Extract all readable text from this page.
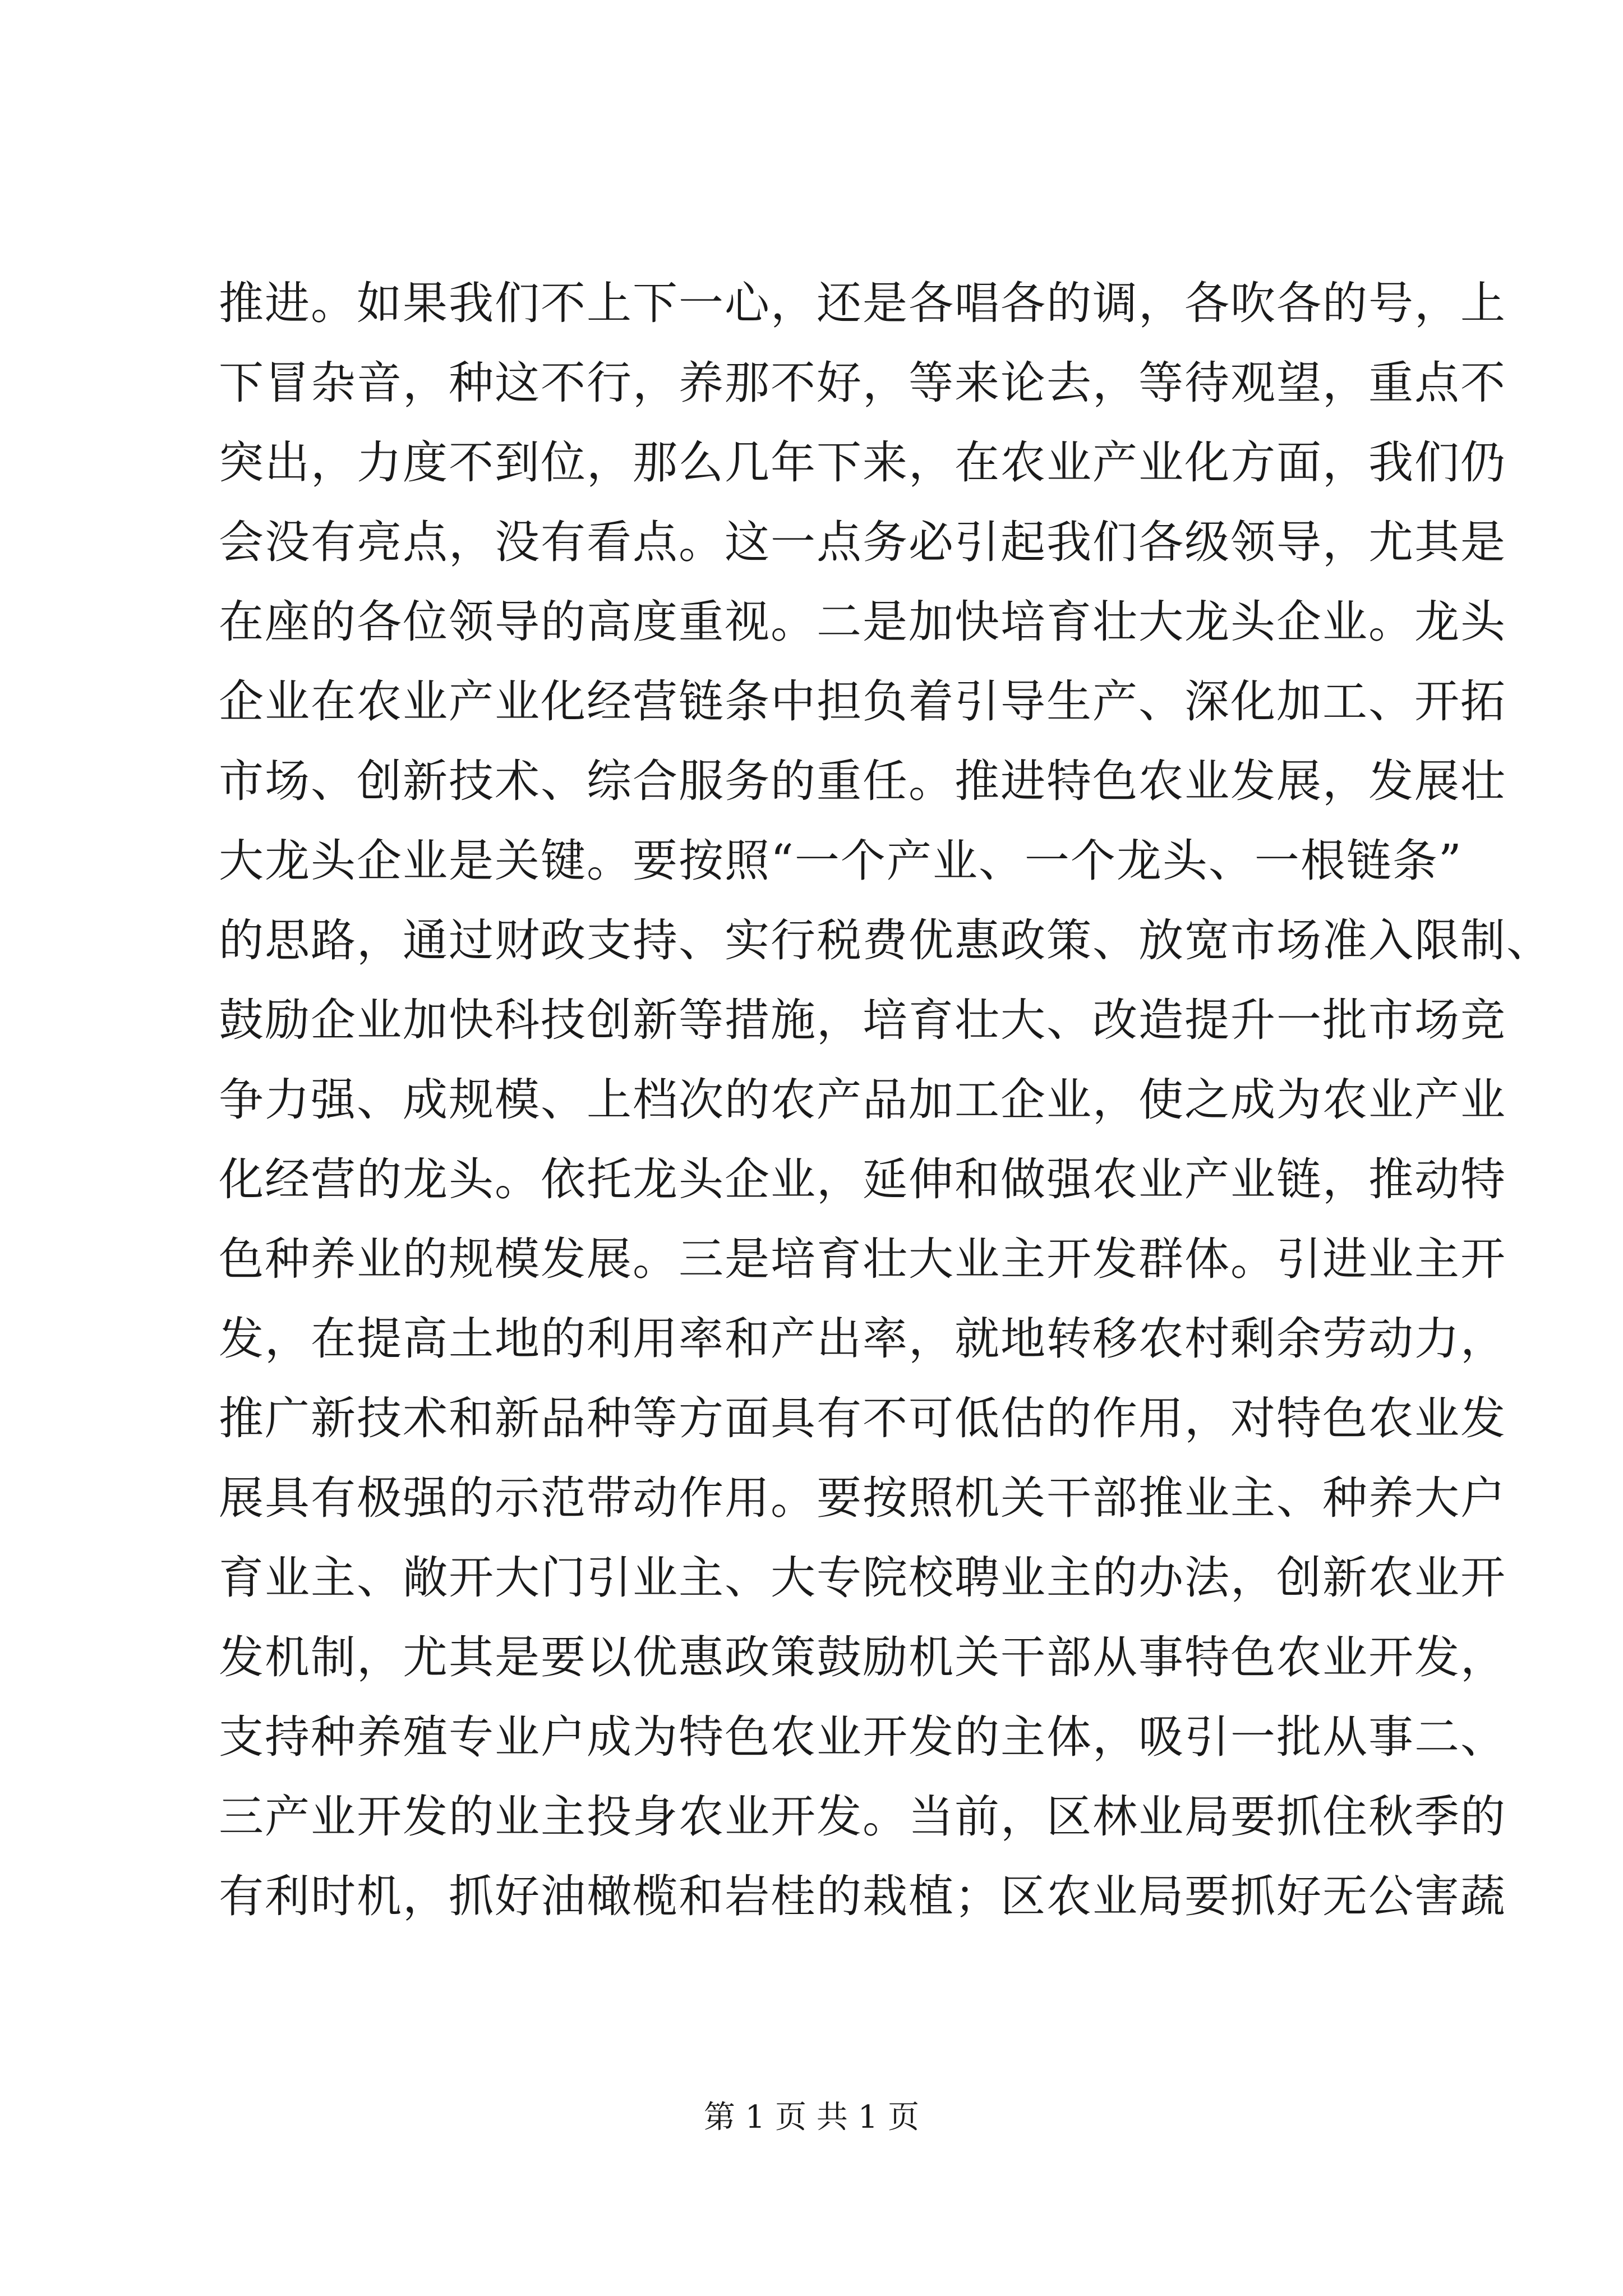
推进。如果我们不上下一心，还是各唱各的调，各吹各的号，上
下冒杂音，种这不行，养那不好，等来论去，等待观望，重点不
突出，力度不到位，那么几年下来，在农业产业化方面，我们仍
会没有亮点，没有看点。这一点务必引起我们各级领导，尤其是
在座的各位领导的高度重视。二是加快培育壮大龙头企业。龙头
企业在农业产业化经营链条中担负着引导生产、深化加工、开拓
市场、创新技术、综合服务的重任。推进特色农业发展，发展壮
大龙头企业是关键。要按照“一个产业、一个龙头、一根链条”
的思路，通过财政支持、实行税费优惠政策、放宽市场准入限制、
鼓励企业加快科技创新等措施，培育壮大、改造提升一批市场竞
争力强、成规模、上档次的农产品加工企业，使之成为农业产业
化经营的龙头。依托龙头企业，延伸和做强农业产业链，推动特
色种养业的规模发展。三是培育壮大业主开发群体。引进业主开
发，在提高土地的利用率和产出率，就地转移农村剩余劳动力，
推广新技术和新品种等方面具有不可低估的作用，对特色农业发
展具有极强的示范带动作用。要按照机关干部推业主、种养大户
育业主、敞开大门引业主、大专院校聘业主的办法，创新农业开
发机制，尤其是要以优惠政策鼓励机关干部从事特色农业开发，
支持种养殖专业户成为特色农业开发的主体，吸引一批从事二、
三产业开发的业主投身农业开发。当前，区林业局要抓住秋季的
有利时机，抓好油橄榄和岩桂的栽植；区农业局要抓好无公害蔬
第 1 页 共 1 页
